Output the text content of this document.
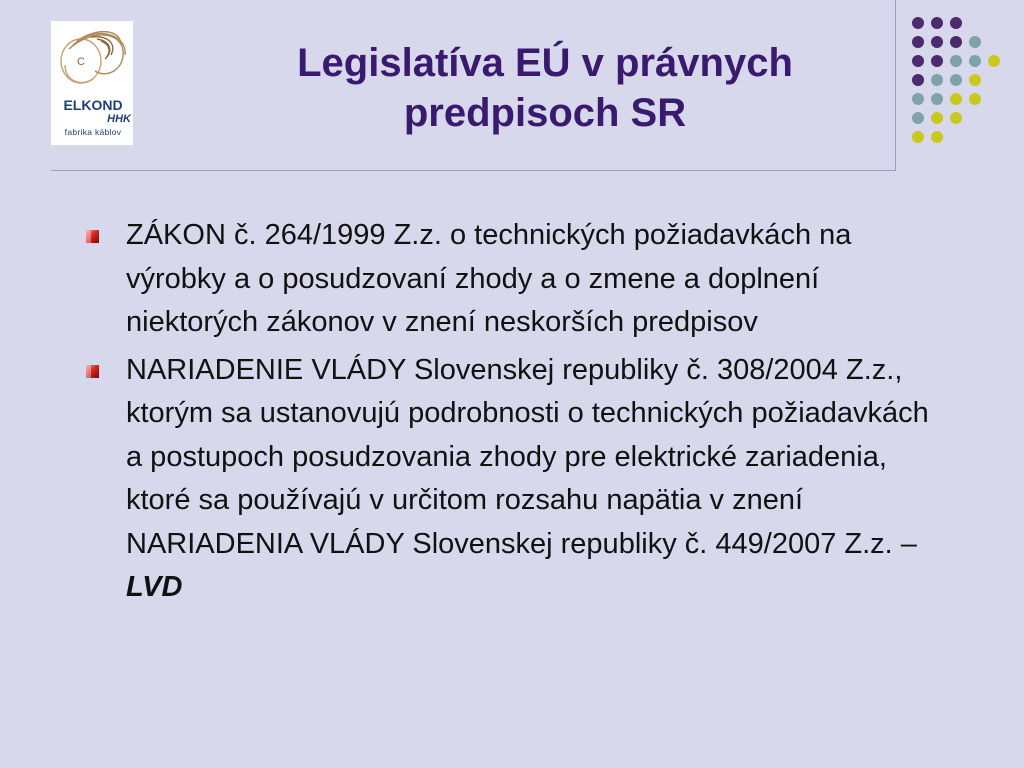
C
ELKOND
HHK
fabrika káblov
Legislatíva EÚ v právnych
predpisoch SR
ZÁKON č. 264/1999 Z.z. o technických požiadavkách na výrobky a o posudzovaní zhody a o zmene a doplnení niektorých zákonov v znení neskorších predpisov
NARIADENIE VLÁDY Slovenskej republiky č. 308/2004 Z.z., ktorým sa ustanovujú podrobnosti o technických požiadavkách a postupoch posudzovania zhody pre elektrické zariadenia, ktoré sa používajú v určitom rozsahu napätia v znení NARIADENIA VLÁDY Slovenskej republiky č. 449/2007 Z.z. – LVD
